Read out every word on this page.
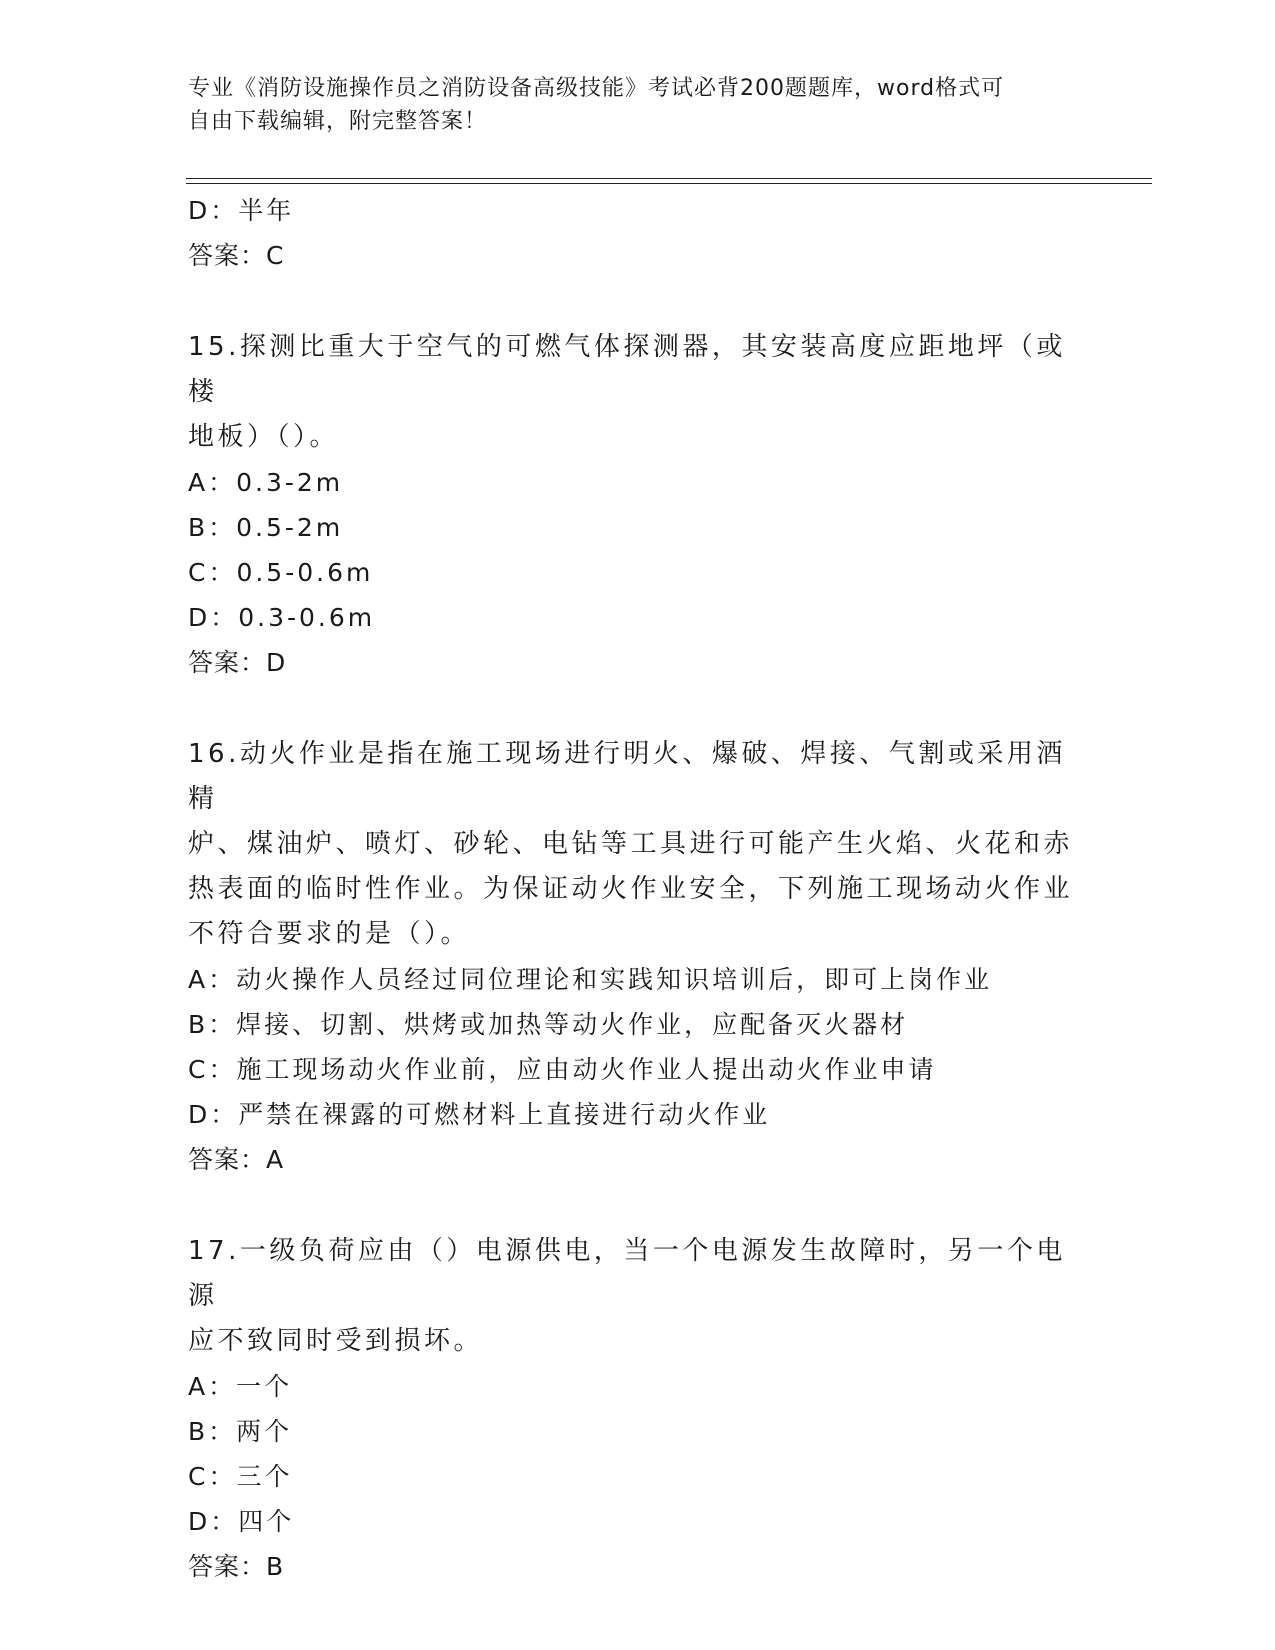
专业《消防设施操作员之消防设备高级技能》考试必背200题题库，word格式可
自由下载编辑，附完整答案！
D：半年
答案：C
15.探测比重大于空气的可燃气体探测器，其安装高度应距地坪（或楼
地板）（）。
A：0.3-2m
B：0.5-2m
C：0.5-0.6m
D：0.3-0.6m
答案：D
16.动火作业是指在施工现场进行明火、爆破、焊接、气割或采用酒精
炉、煤油炉、喷灯、砂轮、电钻等工具进行可能产生火焰、火花和赤
热表面的临时性作业。为保证动火作业安全，下列施工现场动火作业
不符合要求的是（）。
A：动火操作人员经过同位理论和实践知识培训后，即可上岗作业
B：焊接、切割、烘烤或加热等动火作业，应配备灭火器材
C：施工现场动火作业前，应由动火作业人提出动火作业申请
D：严禁在裸露的可燃材料上直接进行动火作业
答案：A
17.一级负荷应由（）电源供电，当一个电源发生故障时，另一个电源
应不致同时受到损坏。
A：一个
B：两个
C：三个
D：四个
答案：B
